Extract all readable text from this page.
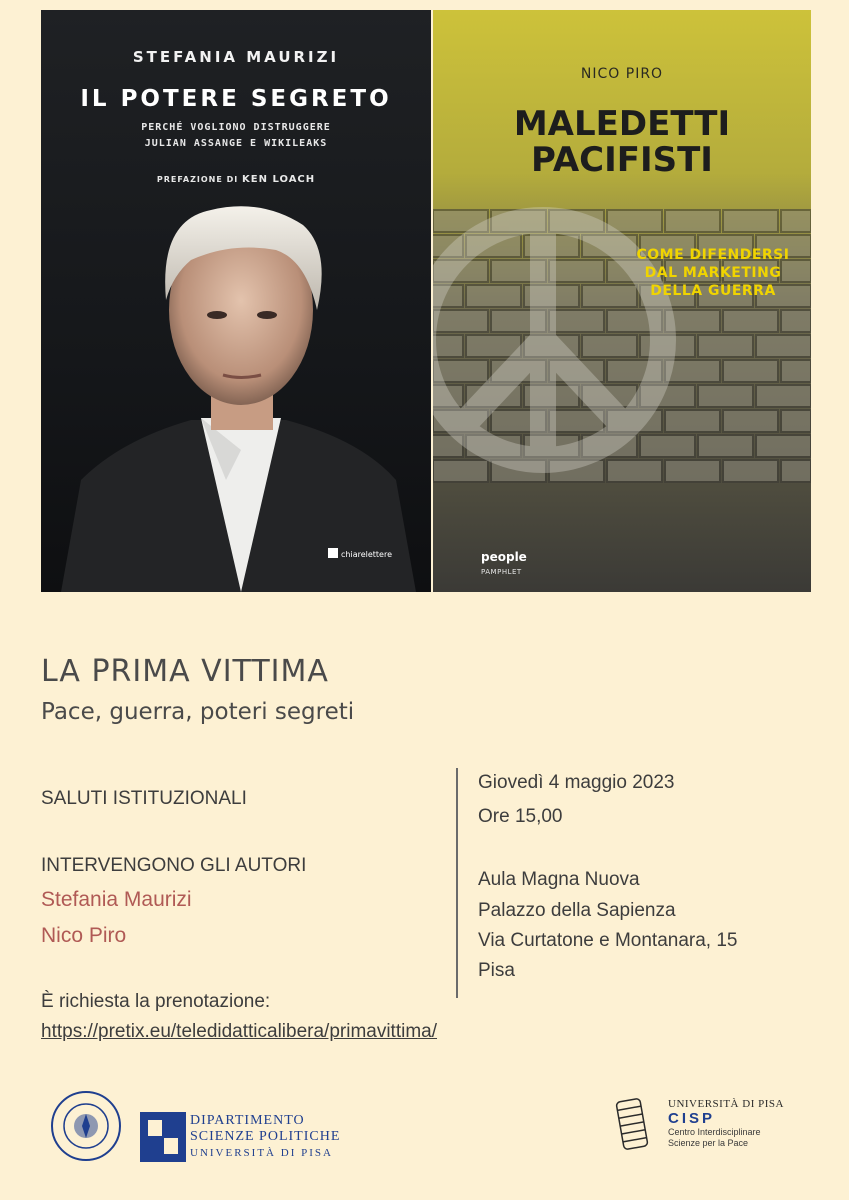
STEFANIA MAURIZI
IL POTERE SEGRETO
PERCHÉ VOGLIONO DISTRUGGERE
JULIAN ASSANGE E WIKILEAKS
PREFAZIONE DI KEN LOACH
chiarelettere
NICO PIRO
MALEDETTI
PACIFISTI
COME DIFENDERSI
DAL MARKETING
DELLA GUERRA
people
PAMPHLET
LA PRIMA VITTIMA
Pace, guerra, poteri segreti
SALUTI ISTITUZIONALI
INTERVENGONO GLI AUTORI
Stefania Maurizi
Nico Piro
Giovedì 4 maggio 2023
Ore 15,00
Aula Magna Nuova
Palazzo della Sapienza
Via Curtatone e Montanara, 15
Pisa
È richiesta la prenotazione:
https://pretix.eu/teledidatticalibera/primavittima/
DIPARTIMENTO
SCIENZE POLITICHE
UNIVERSITÀ DI PISA
UNIVERSITÀ DI PISA
CISP
Centro Interdisciplinare
Scienze per la Pace
